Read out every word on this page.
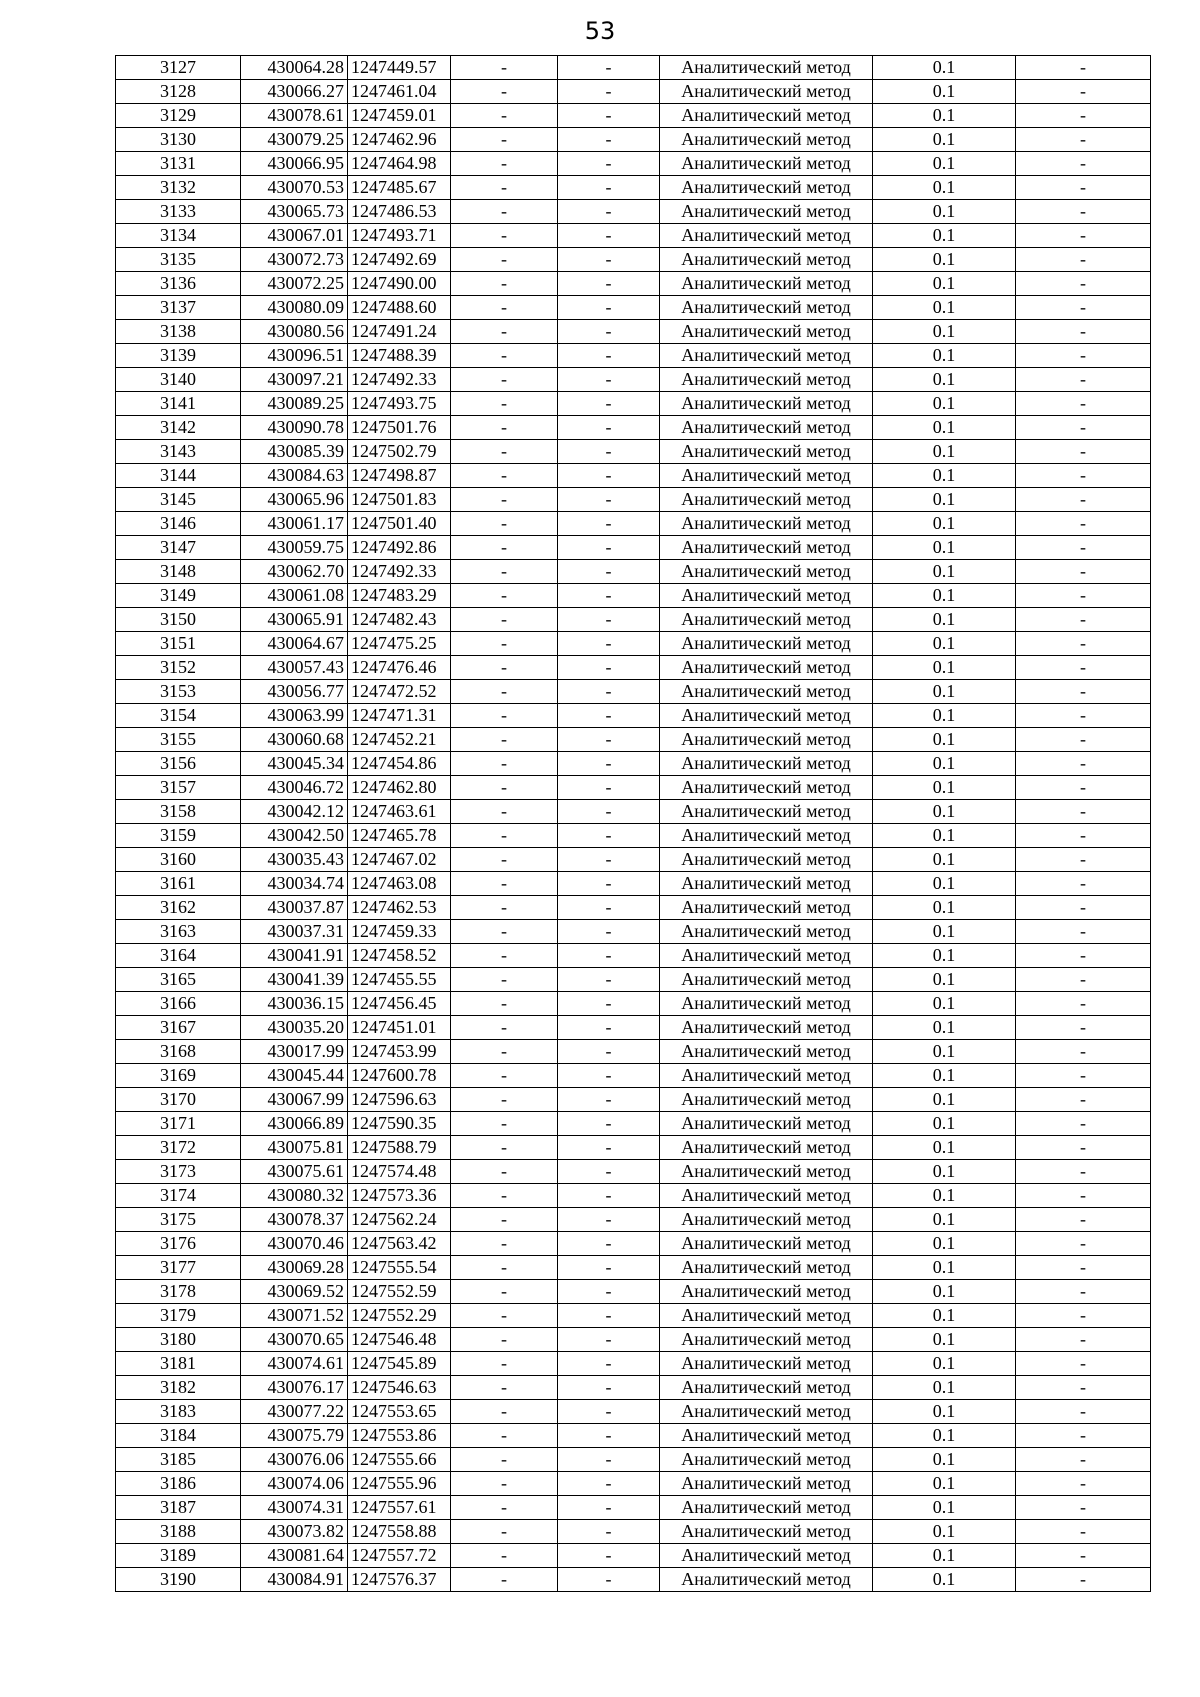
53
3127	430064.28	1247449.57	-	-	Аналитический метод	0.1	-
3128	430066.27	1247461.04	-	-	Аналитический метод	0.1	-
3129	430078.61	1247459.01	-	-	Аналитический метод	0.1	-
3130	430079.25	1247462.96	-	-	Аналитический метод	0.1	-
3131	430066.95	1247464.98	-	-	Аналитический метод	0.1	-
3132	430070.53	1247485.67	-	-	Аналитический метод	0.1	-
3133	430065.73	1247486.53	-	-	Аналитический метод	0.1	-
3134	430067.01	1247493.71	-	-	Аналитический метод	0.1	-
3135	430072.73	1247492.69	-	-	Аналитический метод	0.1	-
3136	430072.25	1247490.00	-	-	Аналитический метод	0.1	-
3137	430080.09	1247488.60	-	-	Аналитический метод	0.1	-
3138	430080.56	1247491.24	-	-	Аналитический метод	0.1	-
3139	430096.51	1247488.39	-	-	Аналитический метод	0.1	-
3140	430097.21	1247492.33	-	-	Аналитический метод	0.1	-
3141	430089.25	1247493.75	-	-	Аналитический метод	0.1	-
3142	430090.78	1247501.76	-	-	Аналитический метод	0.1	-
3143	430085.39	1247502.79	-	-	Аналитический метод	0.1	-
3144	430084.63	1247498.87	-	-	Аналитический метод	0.1	-
3145	430065.96	1247501.83	-	-	Аналитический метод	0.1	-
3146	430061.17	1247501.40	-	-	Аналитический метод	0.1	-
3147	430059.75	1247492.86	-	-	Аналитический метод	0.1	-
3148	430062.70	1247492.33	-	-	Аналитический метод	0.1	-
3149	430061.08	1247483.29	-	-	Аналитический метод	0.1	-
3150	430065.91	1247482.43	-	-	Аналитический метод	0.1	-
3151	430064.67	1247475.25	-	-	Аналитический метод	0.1	-
3152	430057.43	1247476.46	-	-	Аналитический метод	0.1	-
3153	430056.77	1247472.52	-	-	Аналитический метод	0.1	-
3154	430063.99	1247471.31	-	-	Аналитический метод	0.1	-
3155	430060.68	1247452.21	-	-	Аналитический метод	0.1	-
3156	430045.34	1247454.86	-	-	Аналитический метод	0.1	-
3157	430046.72	1247462.80	-	-	Аналитический метод	0.1	-
3158	430042.12	1247463.61	-	-	Аналитический метод	0.1	-
3159	430042.50	1247465.78	-	-	Аналитический метод	0.1	-
3160	430035.43	1247467.02	-	-	Аналитический метод	0.1	-
3161	430034.74	1247463.08	-	-	Аналитический метод	0.1	-
3162	430037.87	1247462.53	-	-	Аналитический метод	0.1	-
3163	430037.31	1247459.33	-	-	Аналитический метод	0.1	-
3164	430041.91	1247458.52	-	-	Аналитический метод	0.1	-
3165	430041.39	1247455.55	-	-	Аналитический метод	0.1	-
3166	430036.15	1247456.45	-	-	Аналитический метод	0.1	-
3167	430035.20	1247451.01	-	-	Аналитический метод	0.1	-
3168	430017.99	1247453.99	-	-	Аналитический метод	0.1	-
3169	430045.44	1247600.78	-	-	Аналитический метод	0.1	-
3170	430067.99	1247596.63	-	-	Аналитический метод	0.1	-
3171	430066.89	1247590.35	-	-	Аналитический метод	0.1	-
3172	430075.81	1247588.79	-	-	Аналитический метод	0.1	-
3173	430075.61	1247574.48	-	-	Аналитический метод	0.1	-
3174	430080.32	1247573.36	-	-	Аналитический метод	0.1	-
3175	430078.37	1247562.24	-	-	Аналитический метод	0.1	-
3176	430070.46	1247563.42	-	-	Аналитический метод	0.1	-
3177	430069.28	1247555.54	-	-	Аналитический метод	0.1	-
3178	430069.52	1247552.59	-	-	Аналитический метод	0.1	-
3179	430071.52	1247552.29	-	-	Аналитический метод	0.1	-
3180	430070.65	1247546.48	-	-	Аналитический метод	0.1	-
3181	430074.61	1247545.89	-	-	Аналитический метод	0.1	-
3182	430076.17	1247546.63	-	-	Аналитический метод	0.1	-
3183	430077.22	1247553.65	-	-	Аналитический метод	0.1	-
3184	430075.79	1247553.86	-	-	Аналитический метод	0.1	-
3185	430076.06	1247555.66	-	-	Аналитический метод	0.1	-
3186	430074.06	1247555.96	-	-	Аналитический метод	0.1	-
3187	430074.31	1247557.61	-	-	Аналитический метод	0.1	-
3188	430073.82	1247558.88	-	-	Аналитический метод	0.1	-
3189	430081.64	1247557.72	-	-	Аналитический метод	0.1	-
3190	430084.91	1247576.37	-	-	Аналитический метод	0.1	-
